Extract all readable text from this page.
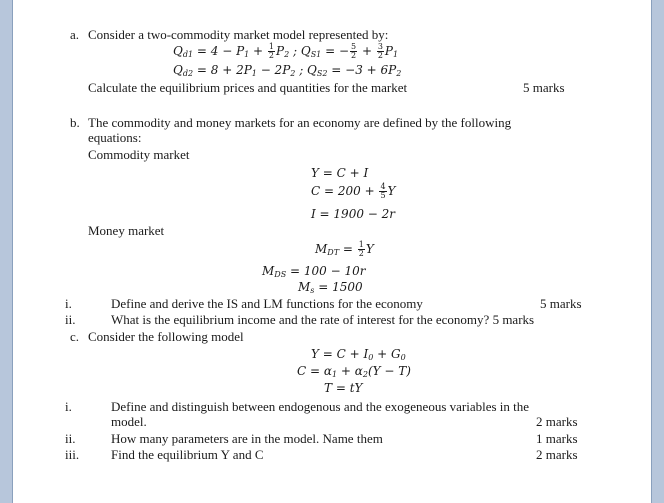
a. Consider a two-commodity market model represented by:
$Q_{d1} = 4 - P_1 + \frac{1}{2} P_2$ ; $Q_{S1}$ = − $\frac{5}{2} + \frac{3}{2} P_1$
$Q_{d2} = 8 + 2P_1 - 2P_2$ ; $Q_{S2} = -3 + 6P_2$
Calculate the equilibrium prices and quantities for the market	5 marks
b. The commodity and money markets for an economy are defined by the following
equations:
Commodity market
Y = C + I
$C = 200 + \frac{4}{5}$ Y
I = 1900 − 2r
Money market
$M_{DT} = \frac{1}{2}$ Y
$M_{DS} = 100 - 10r$
$M_s = 1500$
i.	Define and derive the IS and LM functions for the economy	5 marks
ii.	What is the equilibrium income and the rate of interest for the economy? 5 marks
c. Consider the following model
$Y = C + I_0 + G_0$
$C = \alpha_1 + \alpha_2(Y - T)$
T = tY
i.	Define and distinguish between endogenous and the exogeneous variables in the
model.	2 marks
ii.	How many parameters are in the model. Name them	1 marks
iii. Find the equilibrium Y and C	2 marks
